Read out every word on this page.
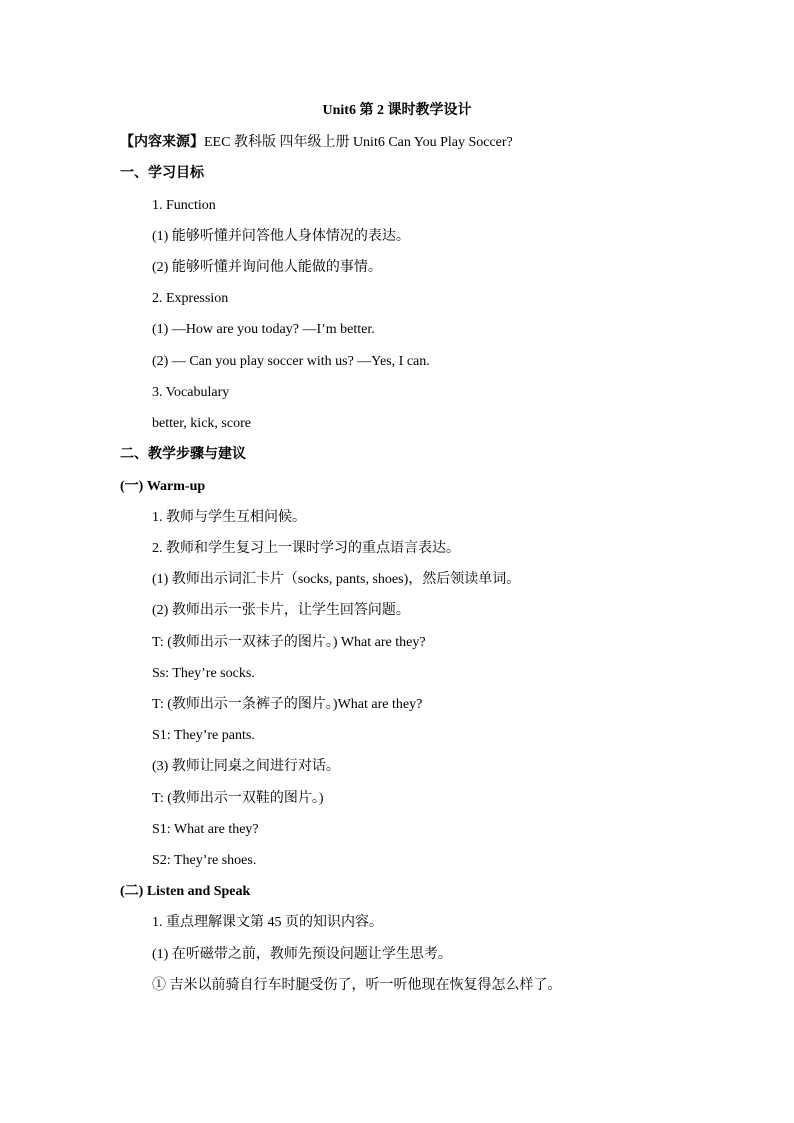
Unit6 第 2 课时教学设计
【内容来源】EEC 教科版 四年级上册 Unit6 Can You Play Soccer?
一、学习目标
1. Function
(1) 能够听懂并问答他人身体情况的表达。
(2) 能够听懂并询问他人能做的事情。
2. Expression
(1) —How are you today? —I’m better.
(2) — Can you play soccer with us? —Yes, I can.
3. Vocabulary
better, kick, score
二、教学步骤与建议
(一) Warm-up
1. 教师与学生互相问候。
2. 教师和学生复习上一课时学习的重点语言表达。
(1) 教师出示词汇卡片（socks, pants, shoes)，然后领读单词。
(2) 教师出示一张卡片，让学生回答问题。
T: (教师出示一双袜子的图片。) What are they?
Ss: They’re socks.
T: (教师出示一条裤子的图片。)What are they?
S1: They’re pants.
(3) 教师让同桌之间进行对话。
T: (教师出示一双鞋的图片。)
S1: What are they?
S2: They’re shoes.
(二) Listen and Speak
1. 重点理解课文第 45 页的知识内容。
(1) 在听磁带之前，教师先预设问题让学生思考。
① 吉米以前骑自行车时腿受伤了，听一听他现在恢复得怎么样了。
